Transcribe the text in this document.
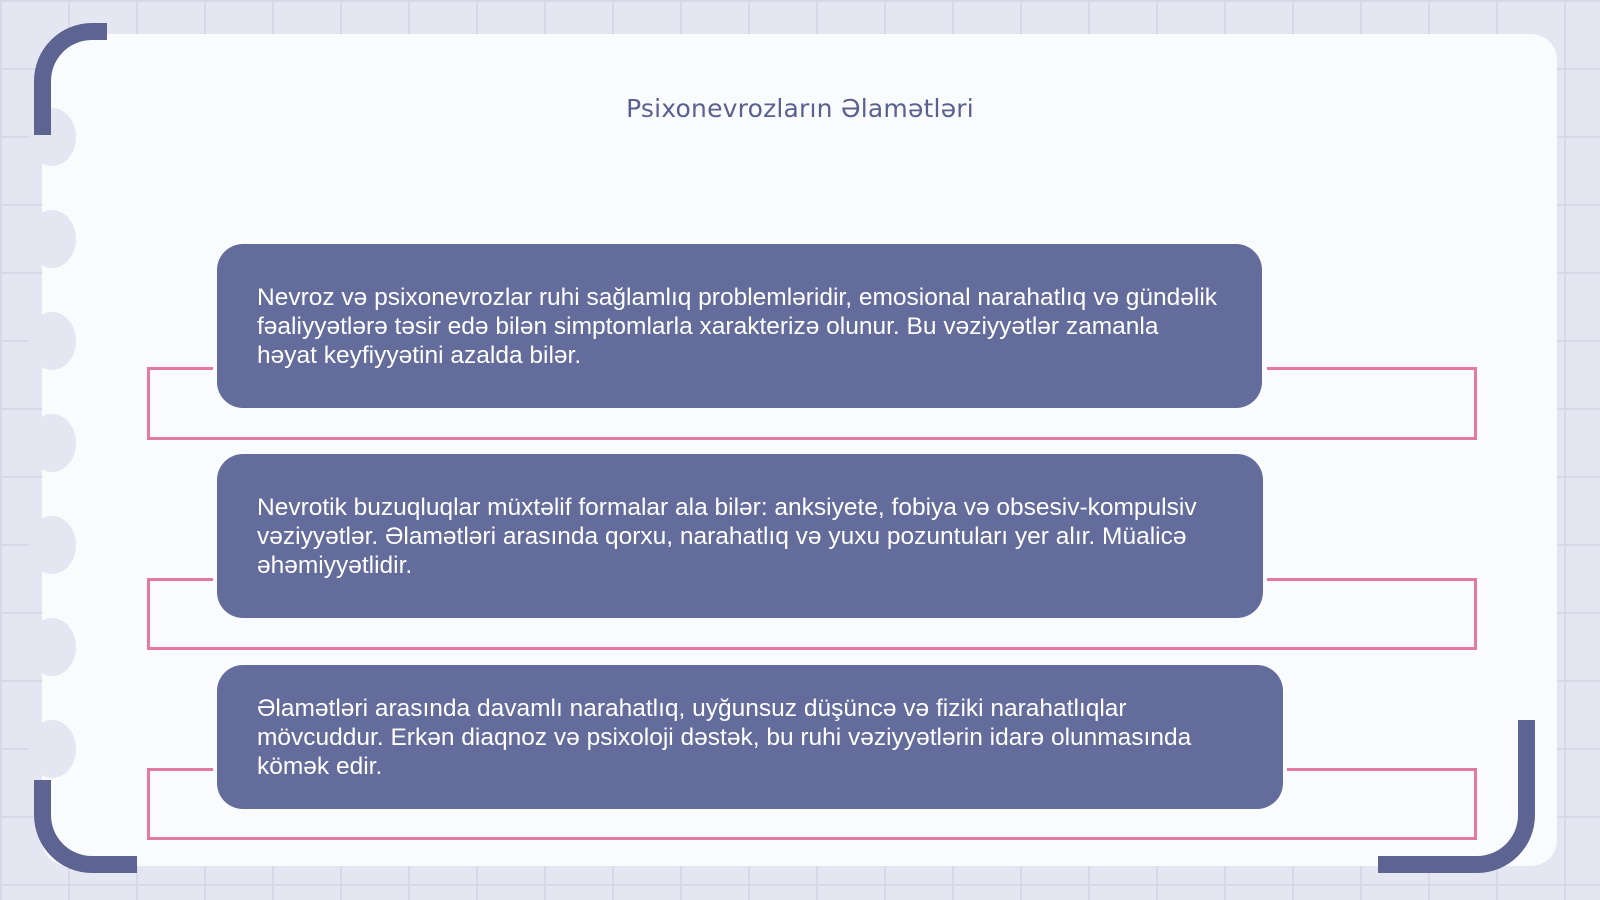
Psixonevrozların Əlamətləri

Nevroz və psixonevrozlar ruhi sağlamlıq problemləridir, emosional narahatlıq və gündəlik fəaliyyətlərə təsir edə bilən simptomlarla xarakterizə olunur. Bu vəziyyətlər zamanla həyat keyfiyyətini azalda bilər.

Nevrotik buzuqluqlar müxtəlif formalar ala bilər: anksiyete, fobiya və obsesiv-kompulsiv vəziyyətlər. Əlamətləri arasında qorxu, narahatlıq və yuxu pozuntuları yer alır. Müalicə əhəmiyyətlidir.

Əlamətləri arasında davamlı narahatlıq, uyğunsuz düşüncə və fiziki narahatlıqlar mövcuddur. Erkən diaqnoz və psixoloji dəstək, bu ruhi vəziyyətlərin idarə olunmasında kömək edir.
